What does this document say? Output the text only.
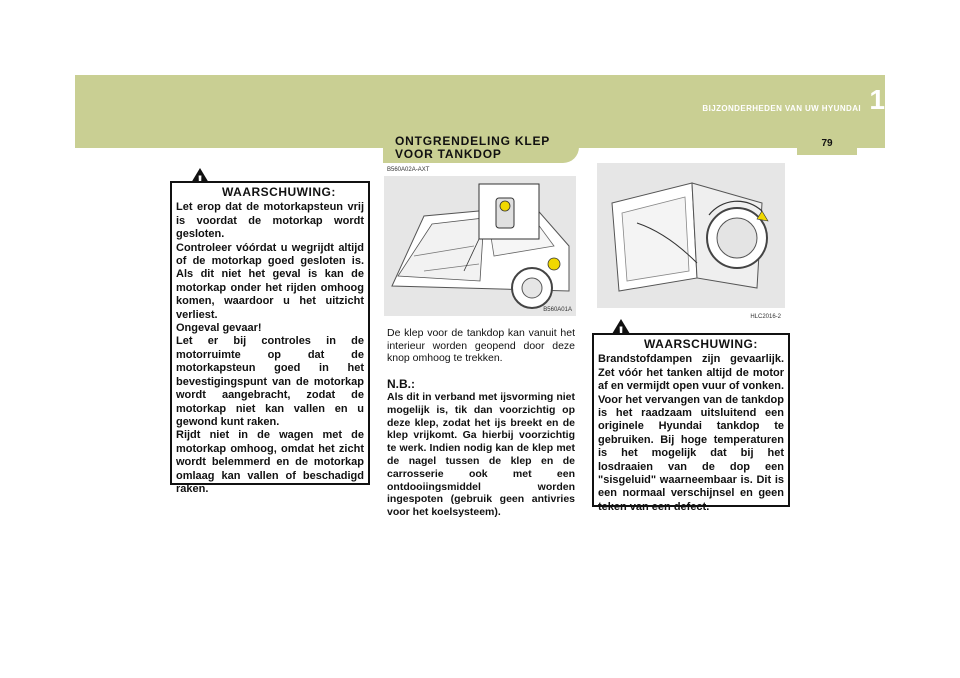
BIJZONDERHEDEN VAN UW HYUNDAI 1
79
WAARSCHUWING:
Let erop dat de motorkapsteun vrij is voordat de motorkap wordt gesloten.
Controleer vóórdat u wegrijdt altijd of de motorkap goed gesloten is. Als dit niet het geval is kan de motorkap onder het rijden omhoog komen, waardoor u het uitzicht verliest.
Ongeval gevaar!
Let er bij controles in de motorruimte op dat de motorkapsteun goed in het bevestigingspunt van de motorkap wordt aangebracht, zodat de motorkap niet kan vallen en u gewond kunt raken.
Rijdt niet in de wagen met de motorkap omhoog, omdat het zicht wordt belemmerd en de motorkap omlaag kan vallen of beschadigd raken.
ONTGRENDELING KLEP
VOOR TANKDOP
B560A02A-AXT
B560A01A
De klep voor de tankdop kan vanuit het interieur worden geopend door deze knop omhoog te trekken.
N.B.:
Als dit in verband met ijsvorming niet mogelijk is, tik dan voorzichtig op deze klep, zodat het ijs breekt en de klep vrijkomt. Ga hierbij voorzichtig te werk. Indien nodig kan de klep met de nagel tussen de klep en de carrosserie ook met een ontdooiingsmiddel worden ingespoten (gebruik geen antivries voor het koelsysteem).
HLC2016-2
WAARSCHUWING:
Brandstofdampen zijn gevaarlijk. Zet vóór het tanken altijd de motor af en vermijdt open vuur of vonken. Voor het vervangen van de tankdop is het raadzaam uitsluitend een originele Hyundai tankdop te gebruiken. Bij hoge temperaturen is het mogelijk dat bij het losdraaien van de dop een "sisgeluid" waarneembaar is. Dit is een normaal verschijnsel en geen teken van een defect.
